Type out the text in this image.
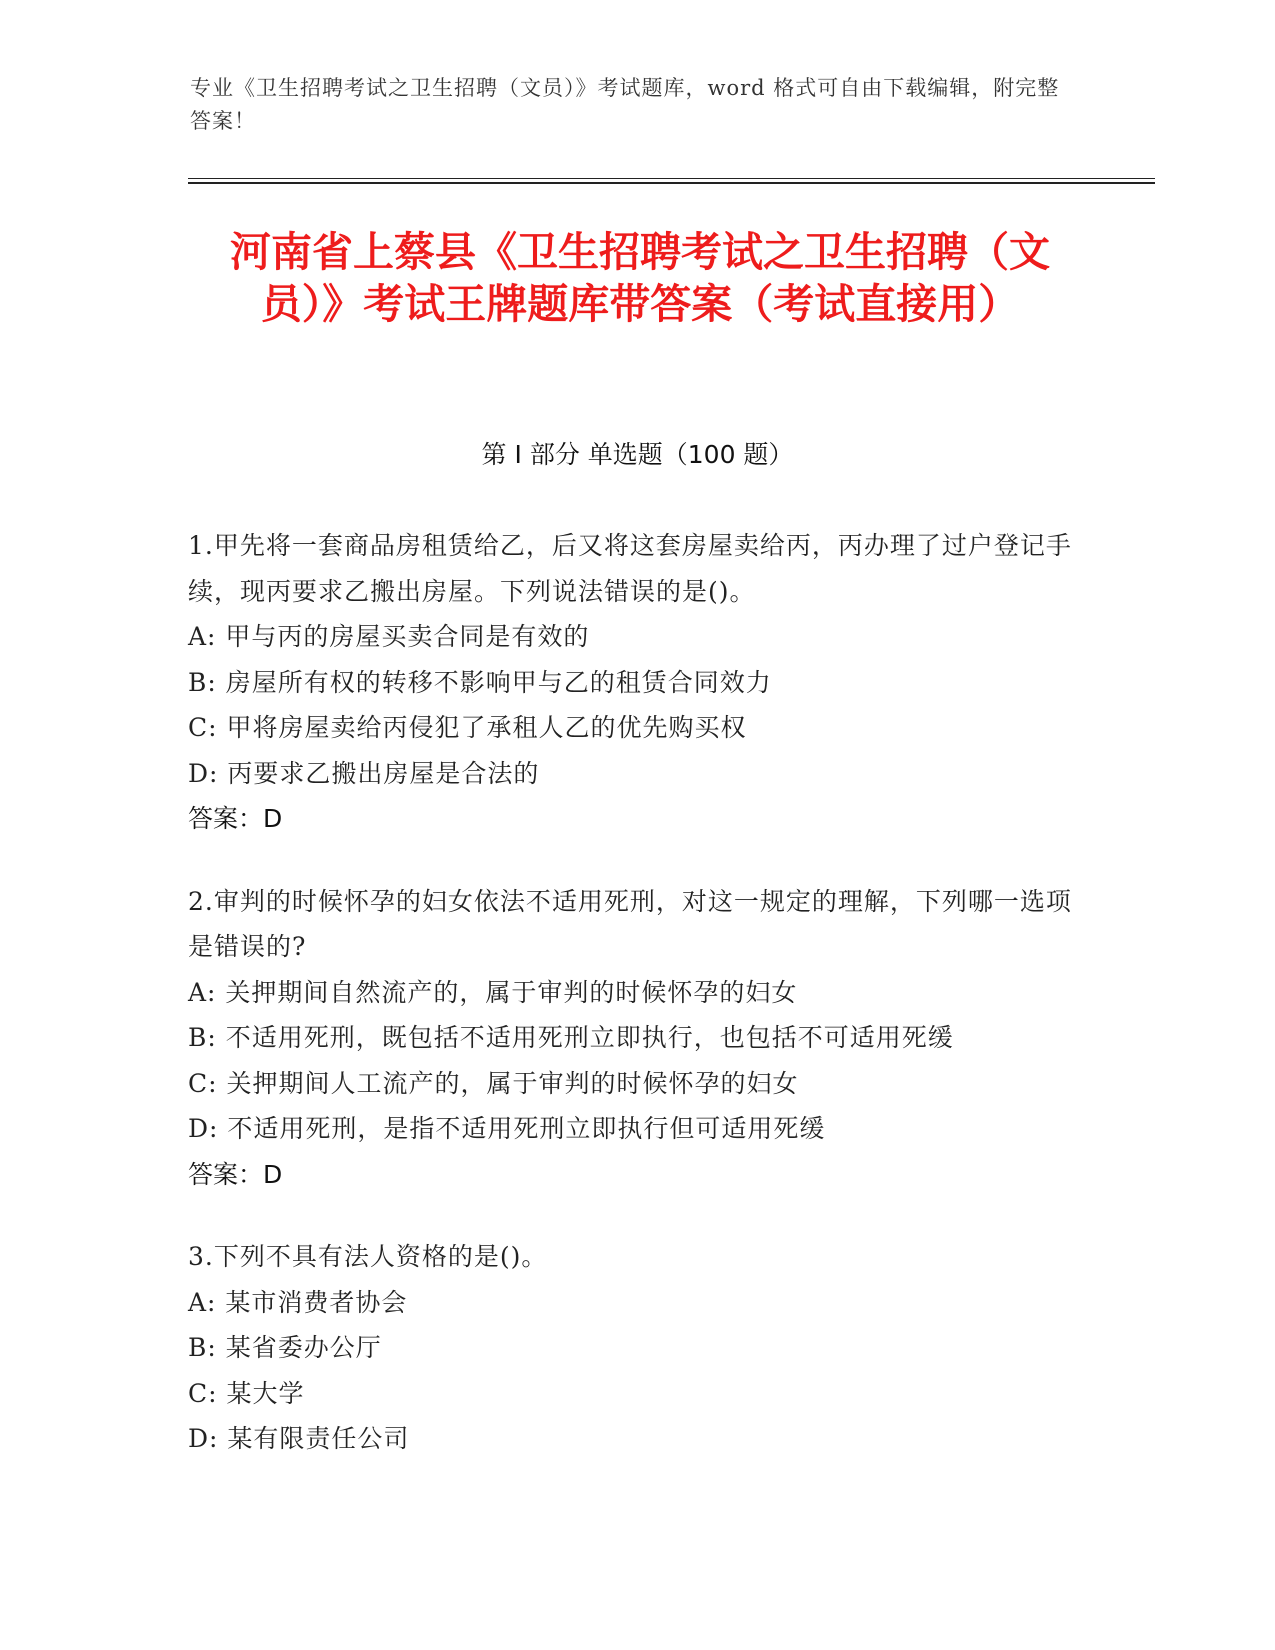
专业《卫生招聘考试之卫生招聘（文员）》考试题库，word 格式可自由下载编辑，附完整答案！
河南省上蔡县《卫生招聘考试之卫生招聘（文员）》考试王牌题库带答案（考试直接用）
第 I 部分 单选题（100 题）
1.甲先将一套商品房租赁给乙，后又将这套房屋卖给丙，丙办理了过户登记手续，现丙要求乙搬出房屋。下列说法错误的是()。
A: 甲与丙的房屋买卖合同是有效的
B: 房屋所有权的转移不影响甲与乙的租赁合同效力
C: 甲将房屋卖给丙侵犯了承租人乙的优先购买权
D: 丙要求乙搬出房屋是合法的
答案：D
2.审判的时候怀孕的妇女依法不适用死刑，对这一规定的理解，下列哪一选项是错误的?
A: 关押期间自然流产的，属于审判的时候怀孕的妇女
B: 不适用死刑，既包括不适用死刑立即执行，也包括不可适用死缓
C: 关押期间人工流产的，属于审判的时候怀孕的妇女
D: 不适用死刑，是指不适用死刑立即执行但可适用死缓
答案：D
3.下列不具有法人资格的是()。
A: 某市消费者协会
B: 某省委办公厅
C: 某大学
D: 某有限责任公司
